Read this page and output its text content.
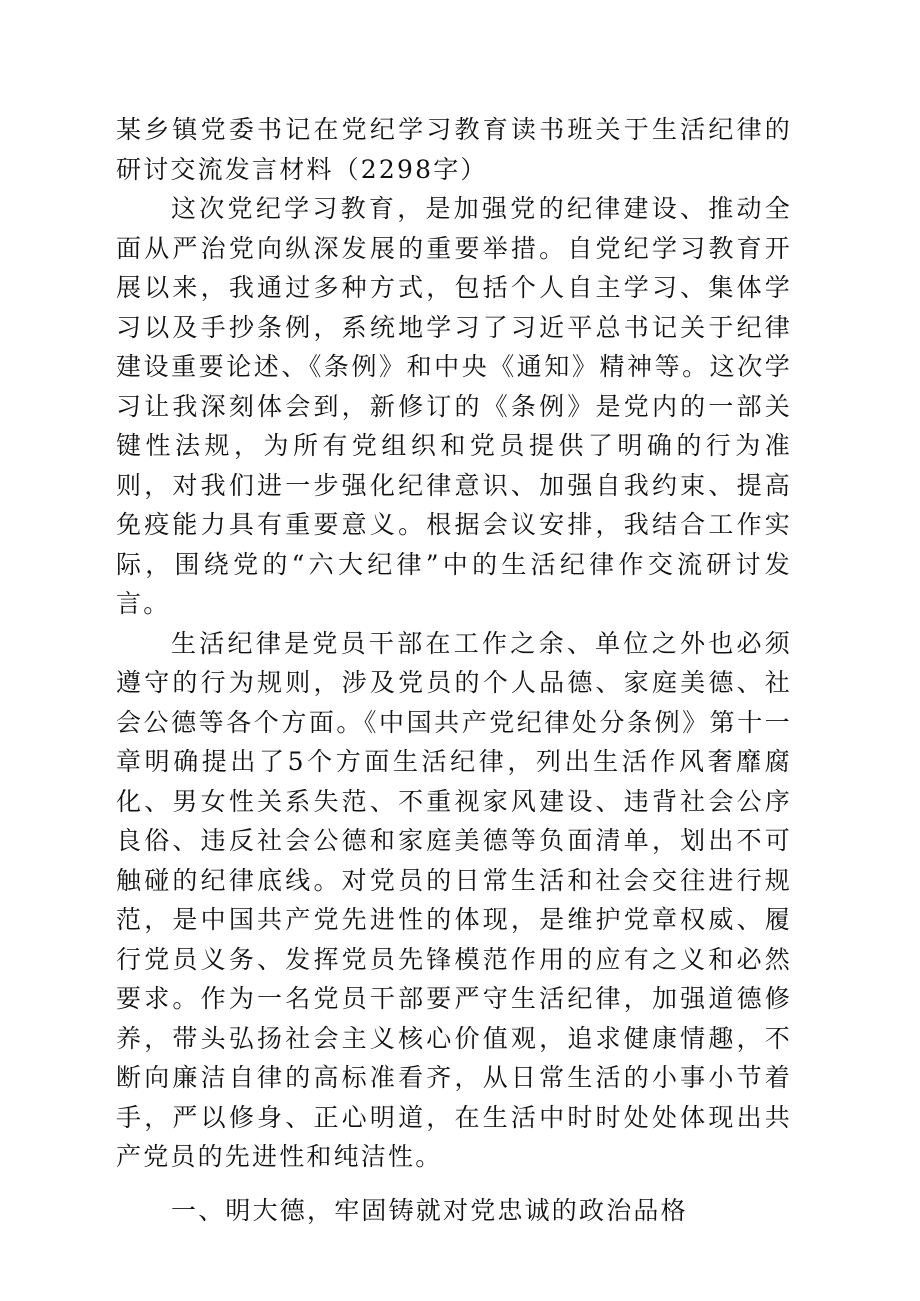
某乡镇党委书记在党纪学习教育读书班关于生活纪律的研讨交流发言材料（2298字）

这次党纪学习教育，是加强党的纪律建设、推动全面从严治党向纵深发展的重要举措。自党纪学习教育开展以来，我通过多种方式，包括个人自主学习、集体学习以及手抄条例，系统地学习了习近平总书记关于纪律建设重要论述、《条例》和中央《通知》精神等。这次学习让我深刻体会到，新修订的《条例》是党内的一部关键性法规，为所有党组织和党员提供了明确的行为准则，对我们进一步强化纪律意识、加强自我约束、提高免疫能力具有重要意义。根据会议安排，我结合工作实际，围绕党的“六大纪律”中的生活纪律作交流研讨发言。

生活纪律是党员干部在工作之余、单位之外也必须遵守的行为规则，涉及党员的个人品德、家庭美德、社会公德等各个方面。《中国共产党纪律处分条例》第十一章明确提出了5个方面生活纪律，列出生活作风奢靡腐化、男女性关系失范、不重视家风建设、违背社会公序良俗、违反社会公德和家庭美德等负面清单，划出不可触碰的纪律底线。对党员的日常生活和社会交往进行规范，是中国共产党先进性的体现，是维护党章权威、履行党员义务、发挥党员先锋模范作用的应有之义和必然要求。作为一名党员干部要严守生活纪律，加强道德修养，带头弘扬社会主义核心价值观，追求健康情趣，不断向廉洁自律的高标准看齐，从日常生活的小事小节着手，严以修身、正心明道，在生活中时时处处体现出共产党员的先进性和纯洁性。

一、明大德，牢固铸就对党忠诚的政治品格
